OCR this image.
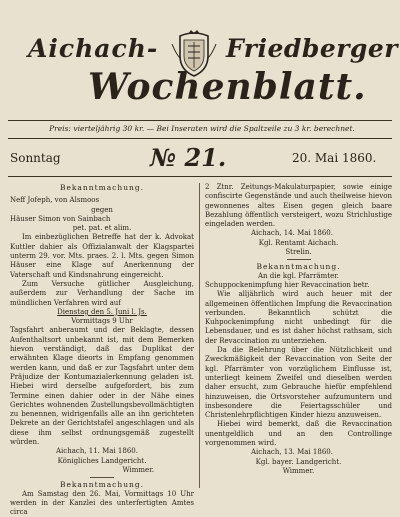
Aichach-	Friedberger
Wochenblatt.
Preis: vierteljährig 30 kr. — Bei Inseraten wird die Spaltzeile zu 3 kr. berechnet.
Sonntag	№ 21.	20. Mai 1860.

Bekanntmachung.

Neff Jofeph, von Alsmoos

gegen

Häuser Simon von Sainbach

pet. pat. et alim.

Im einbezüglichen Betreffe hat der k. Advokat Kuttler dahier als Offizialanwalt der Klagspartei unterm 29. vor. Mts. praes. 2. l. Mts. gegen Simon Häuser eine Klage auf Anerkennung der Vaterschaft und Kindsnahrung eingereicht.

Zum Versuche gütlicher Ausgleichung, außerdem zur Verhandlung der Sache im mündlichen Verfahren wird auf

Dienstag den 5. Juni l. Js.

Vormittags 9 Uhr

Tagsfahrt anberaumt und der Beklagte, dessen Aufenthaltsort unbekannt ist, mit dem Bemerken hievon verständigt, daß das Duplikat der erwähnten Klage dieorts in Empfang genommen werden kann, und daß er zur Tagsfahrt unter dem Präjudize der Kontumazialerkennung geladen ist. Hiebei wird derselbe aufgefordert, bis zum Termine einen dahier oder in der Nähe eines Gerichtes wohnenden Zustellungsbevollmächtigten zu benennen, widrigenfalls alle an ihn gerichteten Dekrete an der Gerichtstafel angeschlagen und als diese ihm selbst ordnungsgemäß zugestellt würden.

Aichach, 11. Mai 1860.

Königliches Landgericht.

Wimmer.

Bekanntmachung.

Am Samstag den 26. Mai, Vormittags 10 Uhr werden in der Kanzlei des unterfertigten Amtes circa

2 Ztnr. Zeitungs-Makulaturpapier, sowie einige confiscirte Gegenstände und auch theilweise hievon gewonnenes altes Eisen gegen gleich baare Bezahlung öffentlich versteigert, wozu Strichlustige eingeladen werden.

Aichach, 14. Mai 1860.

Kgl. Rentamt Aichach.

Strelin.

Bekanntmachung.

An die kgl. Pfarrämter.

Schuppockenimpfung hier Revaccination betr.

Wie alljährlich wird auch heuer mit der allgemeinen öffentlichen Impfung die Revaccination verbunden. Bekanntlich schützt die Kuhpockenimpfung nicht unbedingt für die Lebensdauer, und es ist daher höchst rathsam, sich der Revaccination zu unterziehen.

Da die Belehrung über die Nützlichkeit und Zweckmäßigkeit der Revaccination von Seite der kgl. Pfarrämter von vorzüglichem Einflusse ist, unterliegt keinem Zweifel und dieselben werden daher ersucht, zum Gebrauche hiefür empfehlend hinzuweisen, die Ortsvorsteher aufzumuntern und insbesondere die Feiertagsschüler und Christenlehrpflichtigen Kinder hiezu anzuweisen.

Hiebei wird bemerkt, daß die Revaccination unentgeldlich und an den Controllinge vorgenommen wird.

Aichach, 13. Mai 1860.

Kgl. bayer. Landgericht.

Wimmer.
